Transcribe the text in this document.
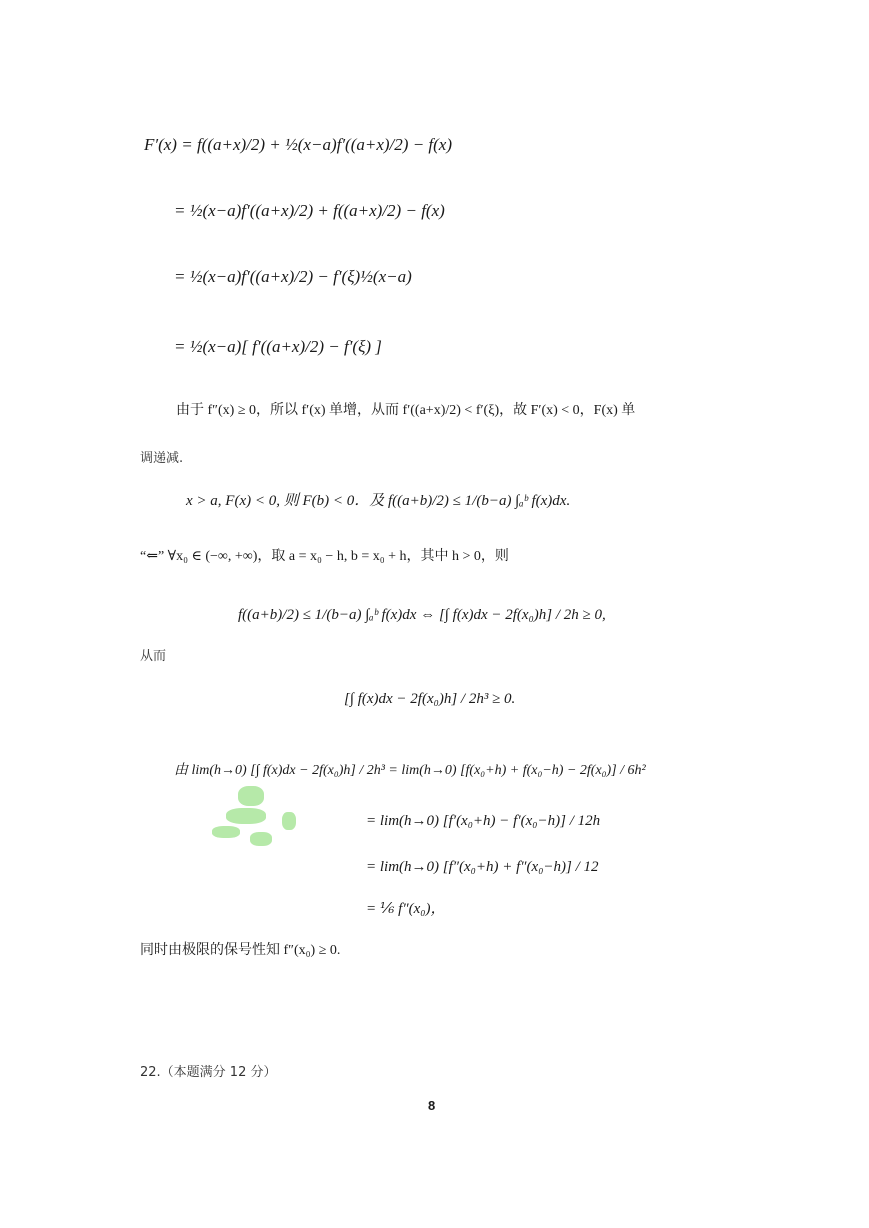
F′(x) = f((a+x)/2) + ½(x−a)f′((a+x)/2) − f(x)
= ½(x−a)f′((a+x)/2) + f((a+x)/2) − f(x)
= ½(x−a)f′((a+x)/2) − f′(ξ)½(x−a)
= ½(x−a)[ f′((a+x)/2) − f′(ξ) ]
由于 f″(x) ≥ 0，所以 f′(x) 单增，从而 f′((a+x)/2) < f′(ξ)，故 F′(x) < 0，F(x) 单
调递减.
x > a, F(x) < 0, 则 F(b) < 0．及 f((a+b)/2) ≤ 1/(b−a) ∫ₐᵇ f(x)dx.
“⇐” ∀x₀ ∈ (−∞, +∞)，取 a = x₀ − h, b = x₀ + h，其中 h > 0，则
f((a+b)/2) ≤ 1/(b−a) ∫ₐᵇ f(x)dx ⇔ [∫ f(x)dx − 2f(x₀)h] / 2h ≥ 0,
从而
[∫ f(x)dx − 2f(x₀)h] / 2h³ ≥ 0.
由 lim(h→0) [∫ f(x)dx − 2f(x₀)h] / 2h³ = lim(h→0) [f(x₀+h) + f(x₀−h) − 2f(x₀)] / 6h²
= lim(h→0) [f′(x₀+h) − f′(x₀−h)] / 12h
= lim(h→0) [f″(x₀+h) + f″(x₀−h)] / 12
= ⅙ f″(x₀)，
同时由极限的保号性知 f″(x₀) ≥ 0.
22.（本题满分 12 分）
8
